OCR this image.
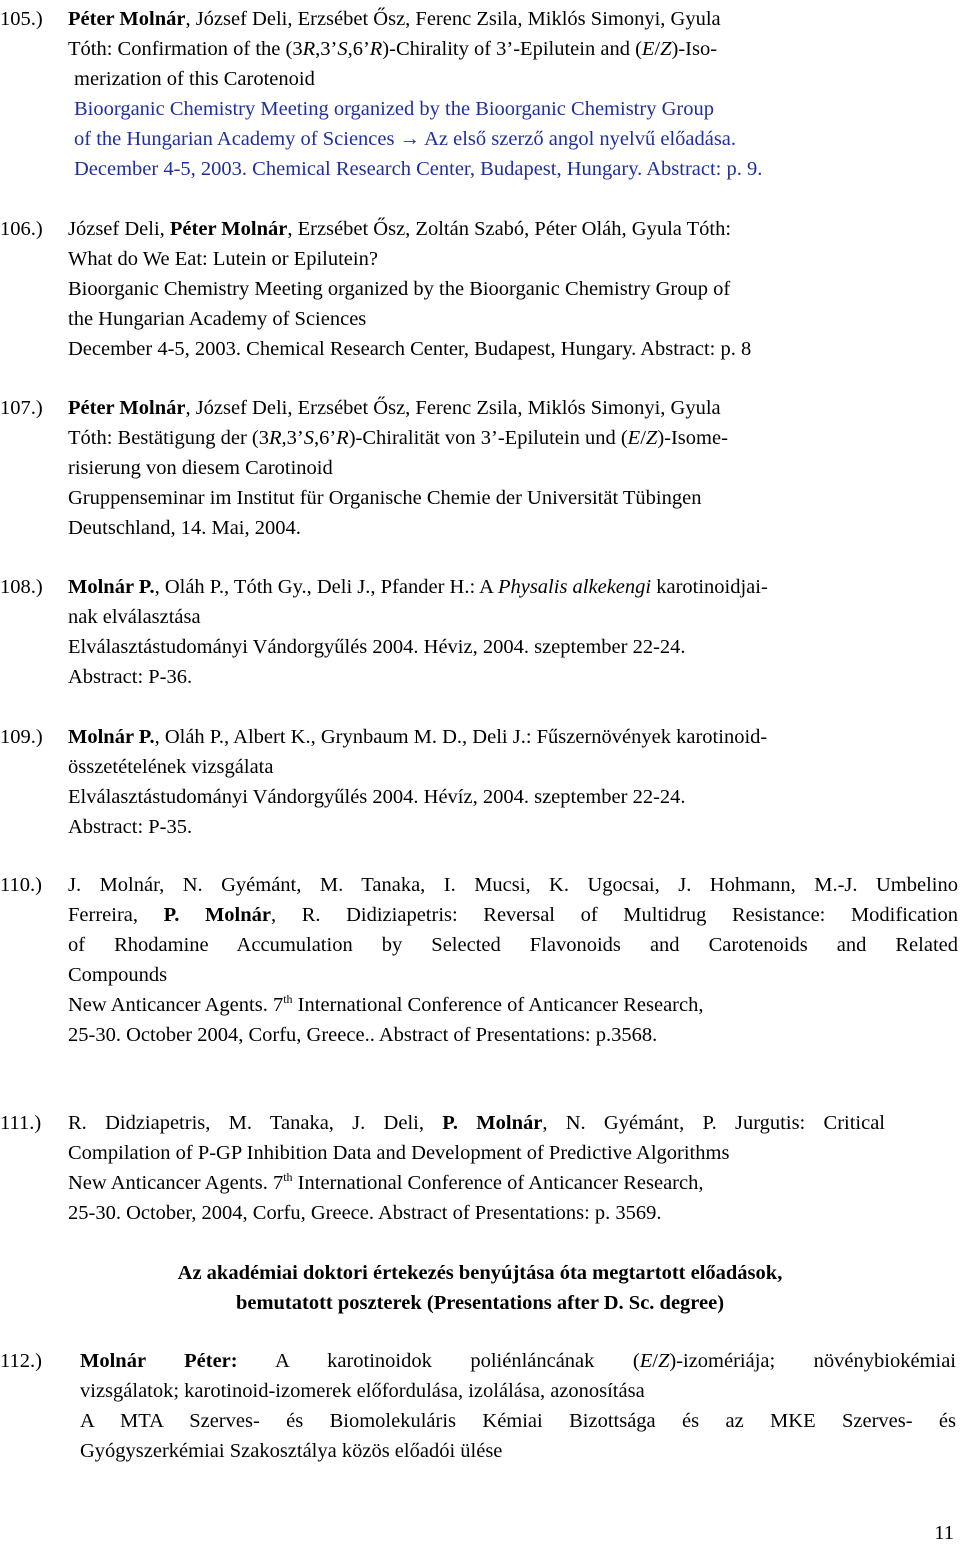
105.) Péter Molnár, József Deli, Erzsébet Ősz, Ferenc Zsila, Miklós Simonyi, Gyula
Tóth: Confirmation of the (3R,3’S,6’R)-Chirality of 3’-Epilutein and (E/Z)-Iso-
merization of this Carotenoid
Bioorganic Chemistry Meeting organized by the Bioorganic Chemistry Group
of the Hungarian Academy of Sciences → Az első szerző angol nyelvű előadása.
December 4-5, 2003. Chemical Research Center, Budapest, Hungary. Abstract: p. 9.
106.) József Deli, Péter Molnár, Erzsébet Ősz, Zoltán Szabó, Péter Oláh, Gyula Tóth:
What do We Eat: Lutein or Epilutein?
Bioorganic Chemistry Meeting organized by the Bioorganic Chemistry Group of
the Hungarian Academy of Sciences
December 4-5, 2003. Chemical Research Center, Budapest, Hungary. Abstract: p. 8
107.) Péter Molnár, József Deli, Erzsébet Ősz, Ferenc Zsila, Miklós Simonyi, Gyula
Tóth: Bestätigung der (3R,3’S,6’R)-Chiralität von 3’-Epilutein und (E/Z)-Isome-
risierung von diesem Carotinoid
Gruppenseminar im Institut für Organische Chemie der Universität Tübingen
Deutschland, 14. Mai, 2004.
108.) Molnár P., Oláh P., Tóth Gy., Deli J., Pfander H.: A Physalis alkekengi karotinoidjai-
nak elválasztása
Elválasztástudományi Vándorgyűlés 2004. Héviz, 2004. szeptember 22-24.
Abstract: P-36.
109.) Molnár P., Oláh P., Albert K., Grynbaum M. D., Deli J.: Fűszernövények karotinoid-
összetételének vizsgálata
Elválasztástudományi Vándorgyűlés 2004. Hévíz, 2004. szeptember 22-24.
Abstract: P-35.
110.) J. Molnár, N. Gyémánt, M. Tanaka, I. Mucsi, K. Ugocsai, J. Hohmann, M.-J. Umbelino
Ferreira, P. Molnár, R. Didiziapetris: Reversal of Multidrug Resistance: Modification
of Rhodamine Accumulation by Selected Flavonoids and Carotenoids and Related
Compounds
New Anticancer Agents. 7th International Conference of Anticancer Research,
25-30. October 2004, Corfu, Greece.. Abstract of Presentations: p.3568.
111.) R. Didziapetris, M. Tanaka, J. Deli, P. Molnár, N. Gyémánt, P. Jurgutis: Critical
Compilation of P-GP Inhibition Data and Development of Predictive Algorithms
New Anticancer Agents. 7th International Conference of Anticancer Research,
25-30. October, 2004, Corfu, Greece. Abstract of Presentations: p. 3569.
Az akadémiai doktori értekezés benyújtása óta megtartott előadások,
bemutatott poszterek (Presentations after D. Sc. degree)
112.) Molnár Péter: A karotinoidok poliénláncának (E/Z)-izomériája; növénybiokémiai
vizsgálatok; karotinoid-izomerek előfordulása, izolálása, azonosítása
A MTA Szerves- és Biomolekuláris Kémiai Bizottsága és az MKE Szerves- és
Gyógyszerkémiai Szakosztálya közös előadói ülése
11
